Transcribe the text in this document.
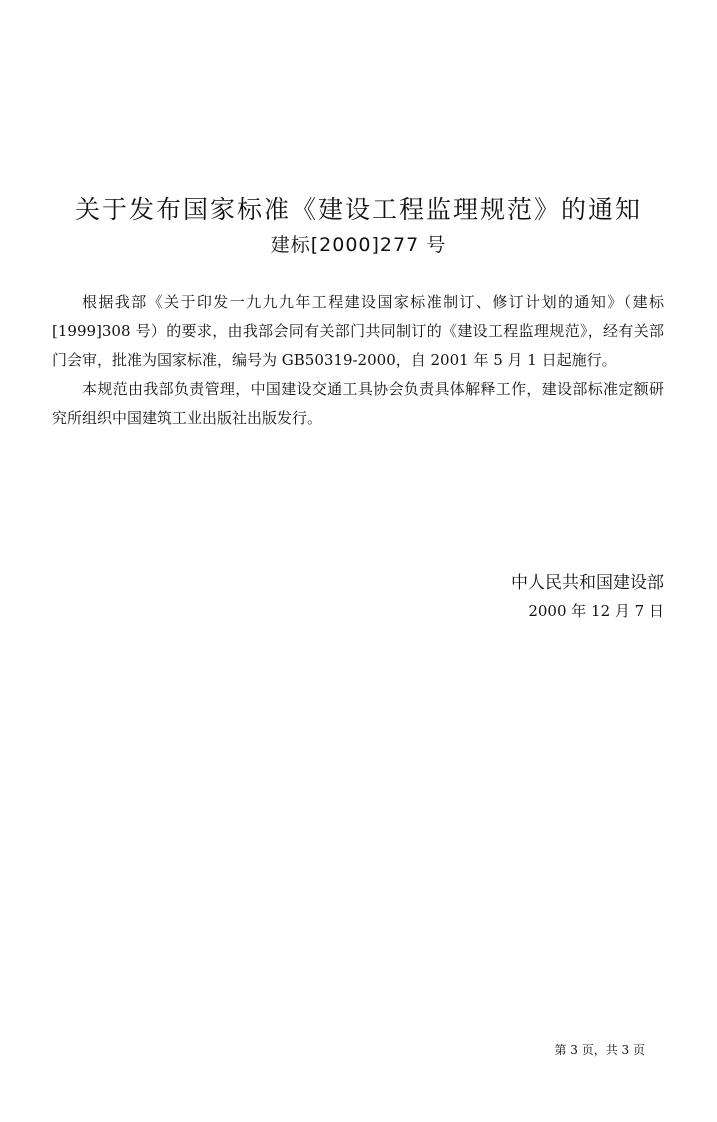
关于发布国家标准《建设工程监理规范》的通知
建标[2000]277 号

根据我部《关于印发一九九九年工程建设国家标准制订、修订计划的通知》（建标[1999]308 号）的要求，由我部会同有关部门共同制订的《建设工程监理规范》，经有关部门会审，批准为国家标准，编号为 GB50319-2000，自 2001 年 5 月 1 日起施行。

本规范由我部负责管理，中国建设交通工具协会负责具体解释工作，建设部标准定额研究所组织中国建筑工业出版社出版发行。

中人民共和国建设部
2000 年 12 月 7 日
第 3 页，共 3 页
